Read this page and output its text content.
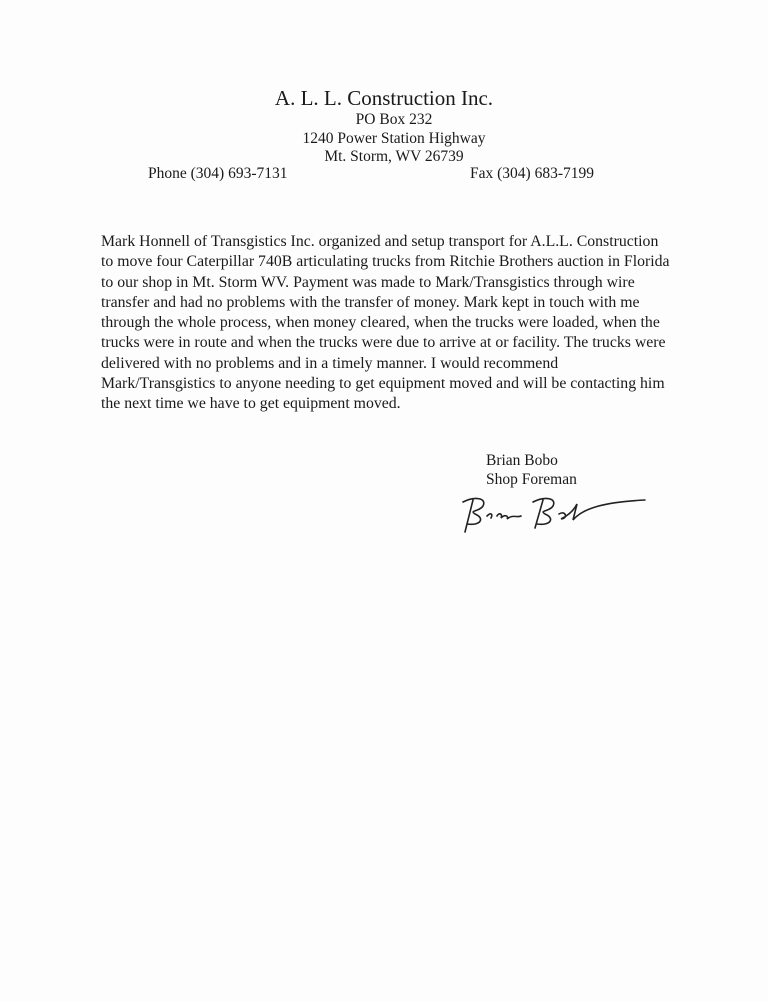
A. L. L. Construction Inc.
PO Box 232
1240 Power Station Highway
Mt. Storm, WV 26739
Phone (304) 693-7131	Fax (304) 683-7199
Mark Honnell of Transgistics Inc. organized and setup transport for A.L.L. Construction
to move four Caterpillar 740B articulating trucks from Ritchie Brothers auction in Florida
to our shop in Mt. Storm WV. Payment was made to Mark/Transgistics through wire
transfer and had no problems with the transfer of money. Mark kept in touch with me
through the whole process, when money cleared, when the trucks were loaded, when the
trucks were in route and when the trucks were due to arrive at or facility. The trucks were
delivered with no problems and in a timely manner. I would recommend
Mark/Transgistics to anyone needing to get equipment moved and will be contacting him
the next time we have to get equipment moved.
Brian Bobo
Shop Foreman
